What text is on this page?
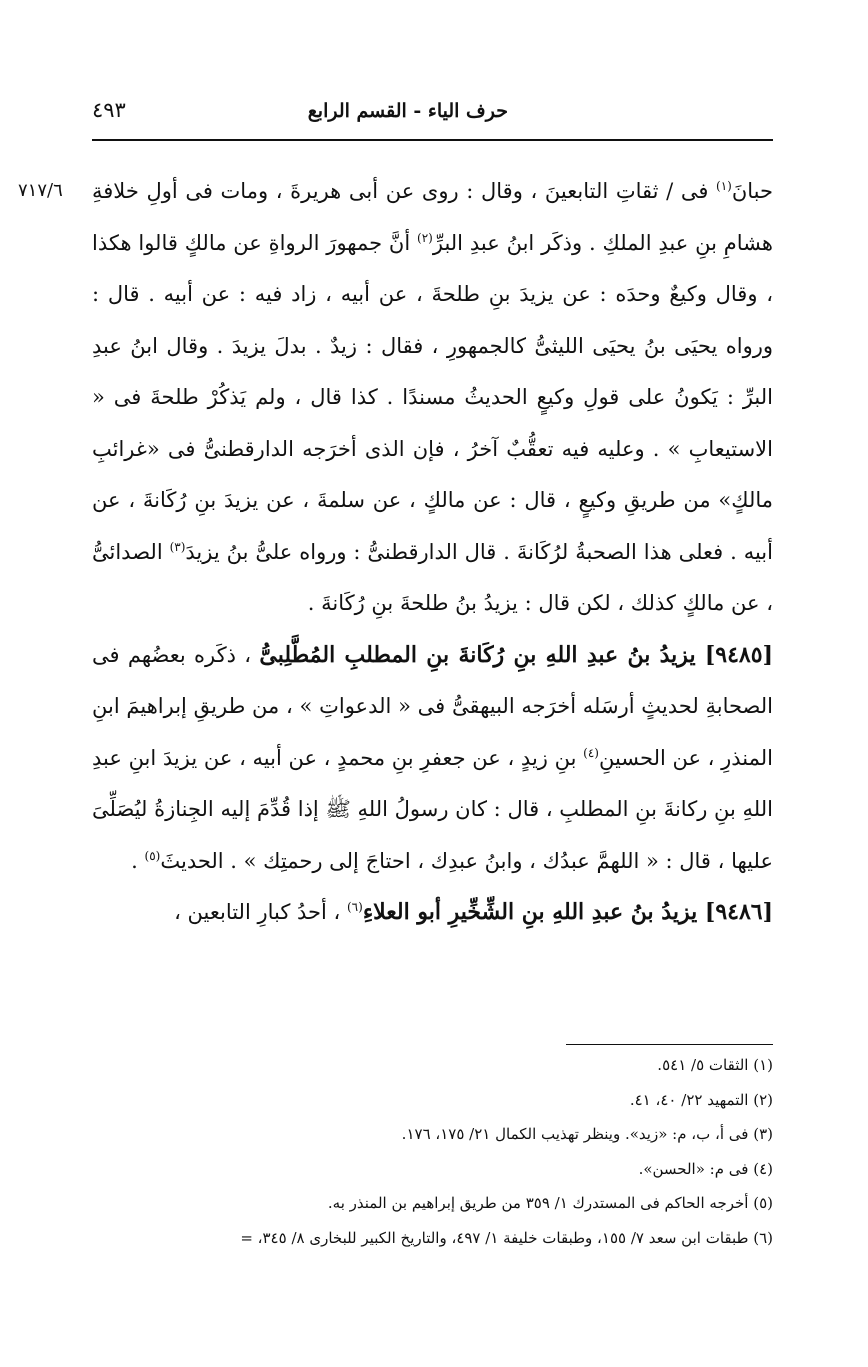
حرف الياء - القسم الرابع
٤٩٣
٧١٧/٦	حبانَ$^{(١)}$ فى / ثقاتِ التابعينَ ، وقال : روى عن أبى هريرةَ ، ومات فى أولِ خلافةِ هشامِ بنِ عبدِ الملكِ . وذكَر ابنُ عبدِ البرِّ$^{(٢)}$ أنَّ جمهورَ الرواةِ عن مالكٍ قالوا هكذا ، وقال وكيعٌ وحدَه : عن يزيدَ بنِ طلحةَ ، عن أبيه ، زاد فيه : عن أبيه . قال : ورواه يحيَى بنُ يحيَى الليثىُّ كالجمهورِ ، فقال : زيدٌ . بدلَ يزيدَ . وقال ابنُ عبدِ البرِّ : يَكونُ على قولِ وكيعٍ الحديثُ مسندًا . كذا قال ، ولم يَذكُرْ طلحةَ فى « الاستيعابِ » . وعليه فيه تعقُّبٌ آخرُ ، فإن الذى أخرَجه الدارقطنىُّ فى «غرائبِ مالكٍ» من طريقِ وكيعٍ ، قال : عن مالكٍ ، عن سلمةَ ، عن يزيدَ بنِ رُكَانةَ ، عن أبيه . فعلى هذا الصحبةُ لرُكَانةَ . قال الدارقطنىُّ : ورواه علىُّ بنُ يزيدَ$^{(٣)}$ الصدائىُّ ، عن مالكٍ كذلك ، لكن قال : يزيدُ بنُ طلحةَ بنِ رُكَانةَ .

[٩٤٨٥] يزيدُ بنُ عبدِ اللهِ بنِ رُكَانةَ بنِ المطلبِ المُطَّلِبىُّ ، ذكَره بعضُهم فى الصحابةِ لحديثٍ أرسَله أخرَجه البيهقىُّ فى « الدعواتِ » ، من طريقِ إبراهيمَ ابنِ المنذرِ ، عن الحسينِ$^{(٤)}$ بنِ زيدٍ ، عن جعفرِ بنِ محمدٍ ، عن أبيه ، عن يزيدَ ابنِ عبدِ اللهِ بنِ ركانةَ بنِ المطلبِ ، قال : كان رسولُ اللهِ ﷺ إذا قُدِّمَ إليه الجِنازةُ ليُصَلِّىَ عليها ، قال : « اللهمَّ عبدُك ، وابنُ عبدِك ، احتاجَ إلى رحمتِك » . الحديثَ$^{(٥)}$ .

[٩٤٨٦] يزيدُ بنُ عبدِ اللهِ بنِ الشِّخِّيرِ أبو العلاءِ$^{(٦)}$ ، أحدُ كبارِ التابعين ،

(١) الثقات ٥/ ٥٤١.
(٢) التمهيد ٢٢/ ٤٠، ٤١.
(٣) فى أ، ب، م: «زيد». وينظر تهذيب الكمال ٢١/ ١٧٥، ١٧٦.
(٤) فى م: «الحسن».
(٥) أخرجه الحاكم فى المستدرك ١/ ٣٥٩ من طريق إبراهيم بن المنذر به.
(٦) طبقات ابن سعد ٧/ ١٥٥، وطبقات خليفة ١/ ٤٩٧، والتاريخ الكبير للبخارى ٨/ ٣٤٥، =
